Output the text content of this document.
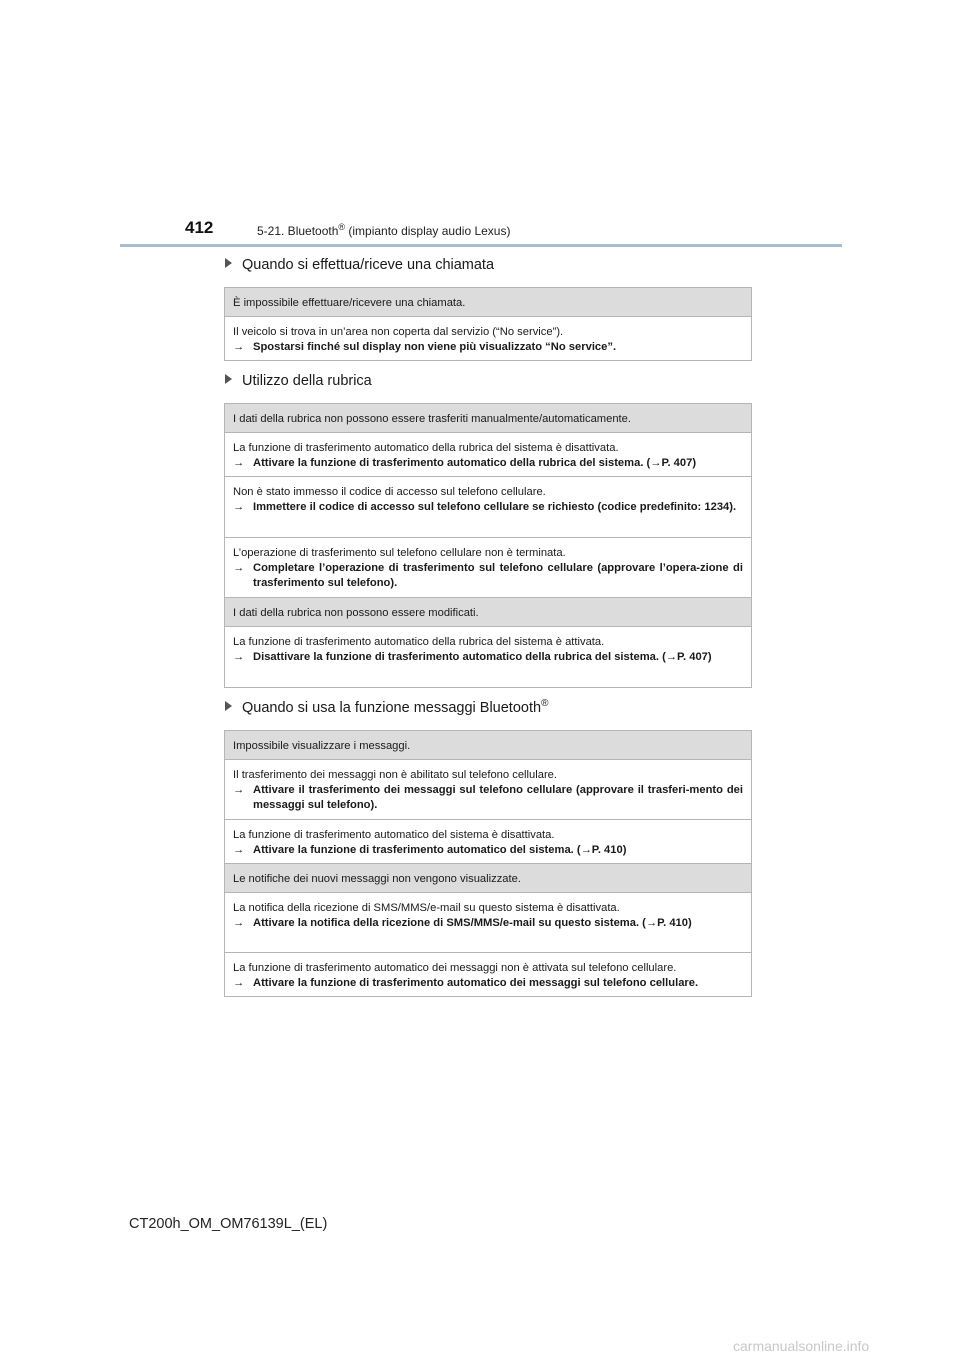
412	5-21. Bluetooth® (impianto display audio Lexus)
Quando si effettua/riceve una chiamata
È impossibile effettuare/ricevere una chiamata.
Il veicolo si trova in un’area non coperta dal servizio (“No service”).
→ Spostarsi finché sul display non viene più visualizzato “No service”.
Utilizzo della rubrica
I dati della rubrica non possono essere trasferiti manualmente/automaticamente.
La funzione di trasferimento automatico della rubrica del sistema è disattivata.
→ Attivare la funzione di trasferimento automatico della rubrica del sistema. (→P. 407)
Non è stato immesso il codice di accesso sul telefono cellulare.
→ Immettere il codice di accesso sul telefono cellulare se richiesto (codice predefinito: 1234).
L’operazione di trasferimento sul telefono cellulare non è terminata.
→ Completare l’operazione di trasferimento sul telefono cellulare (approvare l’opera-zione di trasferimento sul telefono).
I dati della rubrica non possono essere modificati.
La funzione di trasferimento automatico della rubrica del sistema è attivata.
→ Disattivare la funzione di trasferimento automatico della rubrica del sistema. (→P. 407)
Quando si usa la funzione messaggi Bluetooth®
Impossibile visualizzare i messaggi.
Il trasferimento dei messaggi non è abilitato sul telefono cellulare.
→ Attivare il trasferimento dei messaggi sul telefono cellulare (approvare il trasferi-mento dei messaggi sul telefono).
La funzione di trasferimento automatico del sistema è disattivata.
→ Attivare la funzione di trasferimento automatico del sistema. (→P. 410)
Le notifiche dei nuovi messaggi non vengono visualizzate.
La notifica della ricezione di SMS/MMS/e-mail su questo sistema è disattivata.
→ Attivare la notifica della ricezione di SMS/MMS/e-mail su questo sistema. (→P. 410)
La funzione di trasferimento automatico dei messaggi non è attivata sul telefono cellulare.
→ Attivare la funzione di trasferimento automatico dei messaggi sul telefono cellulare.
CT200h_OM_OM76139L_(EL)
carmanualsonline.info
